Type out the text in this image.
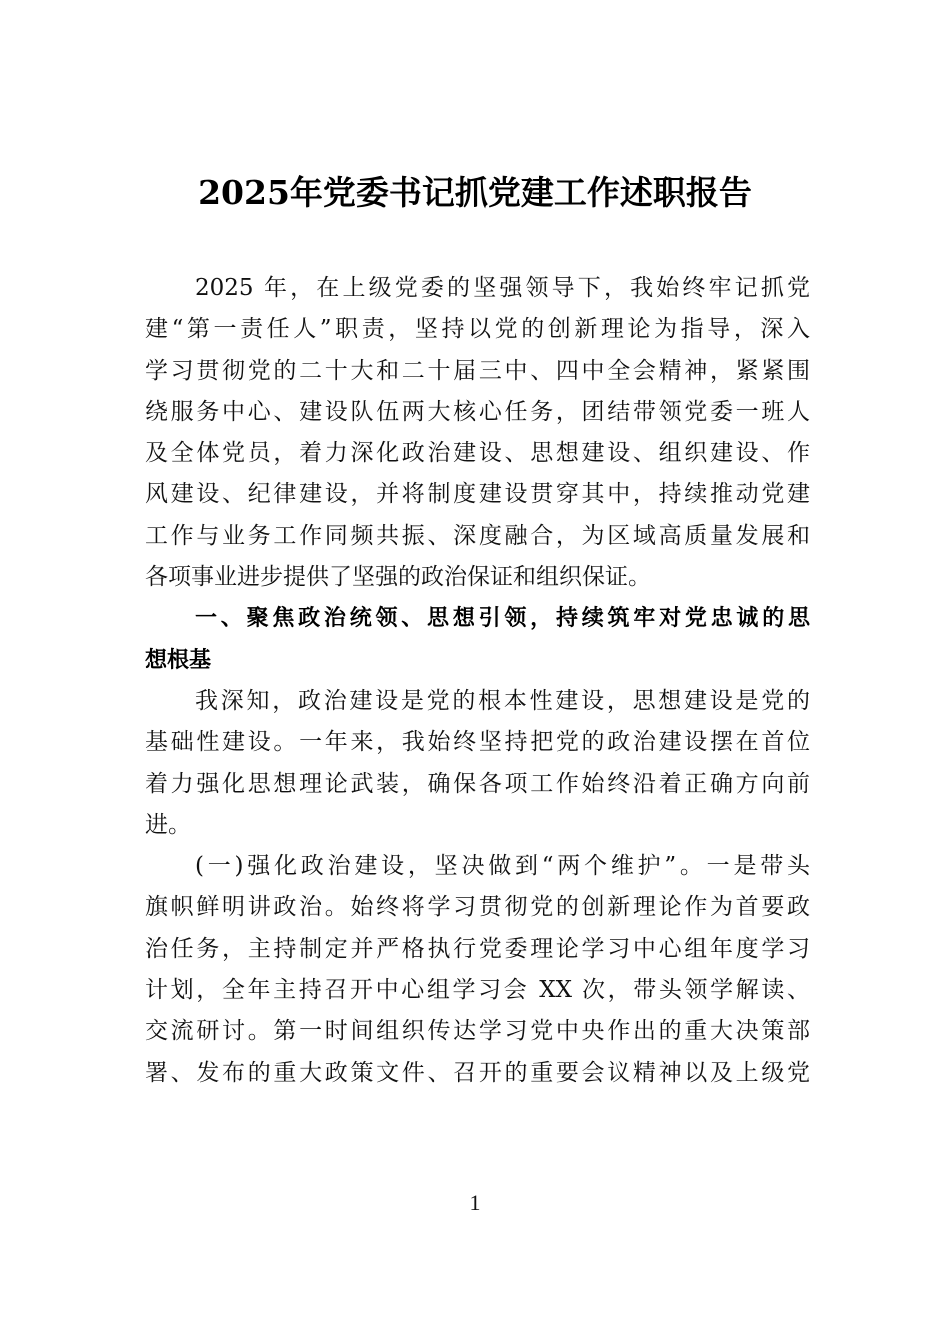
2025年党委书记抓党建工作述职报告
2025 年，在上级党委的坚强领导下，我始终牢记抓党
建“第一责任人”职责，坚持以党的创新理论为指导，深入
学习贯彻党的二十大和二十届三中、四中全会精神，紧紧围
绕服务中心、建设队伍两大核心任务，团结带领党委一班人
及全体党员，着力深化政治建设、思想建设、组织建设、作
风建设、纪律建设，并将制度建设贯穿其中，持续推动党建
工作与业务工作同频共振、深度融合，为区域高质量发展和
各项事业进步提供了坚强的政治保证和组织保证。
一、聚焦政治统领、思想引领，持续筑牢对党忠诚的思
想根基
我深知，政治建设是党的根本性建设，思想建设是党的
基础性建设。一年来，我始终坚持把党的政治建设摆在首位
着力强化思想理论武装，确保各项工作始终沿着正确方向前
进。
(一)强化政治建设，坚决做到“两个维护”。一是带头
旗帜鲜明讲政治。始终将学习贯彻党的创新理论作为首要政
治任务，主持制定并严格执行党委理论学习中心组年度学习
计划，全年主持召开中心组学习会 XX 次，带头领学解读、
交流研讨。第一时间组织传达学习党中央作出的重大决策部
署、发布的重大政策文件、召开的重要会议精神以及上级党
1
